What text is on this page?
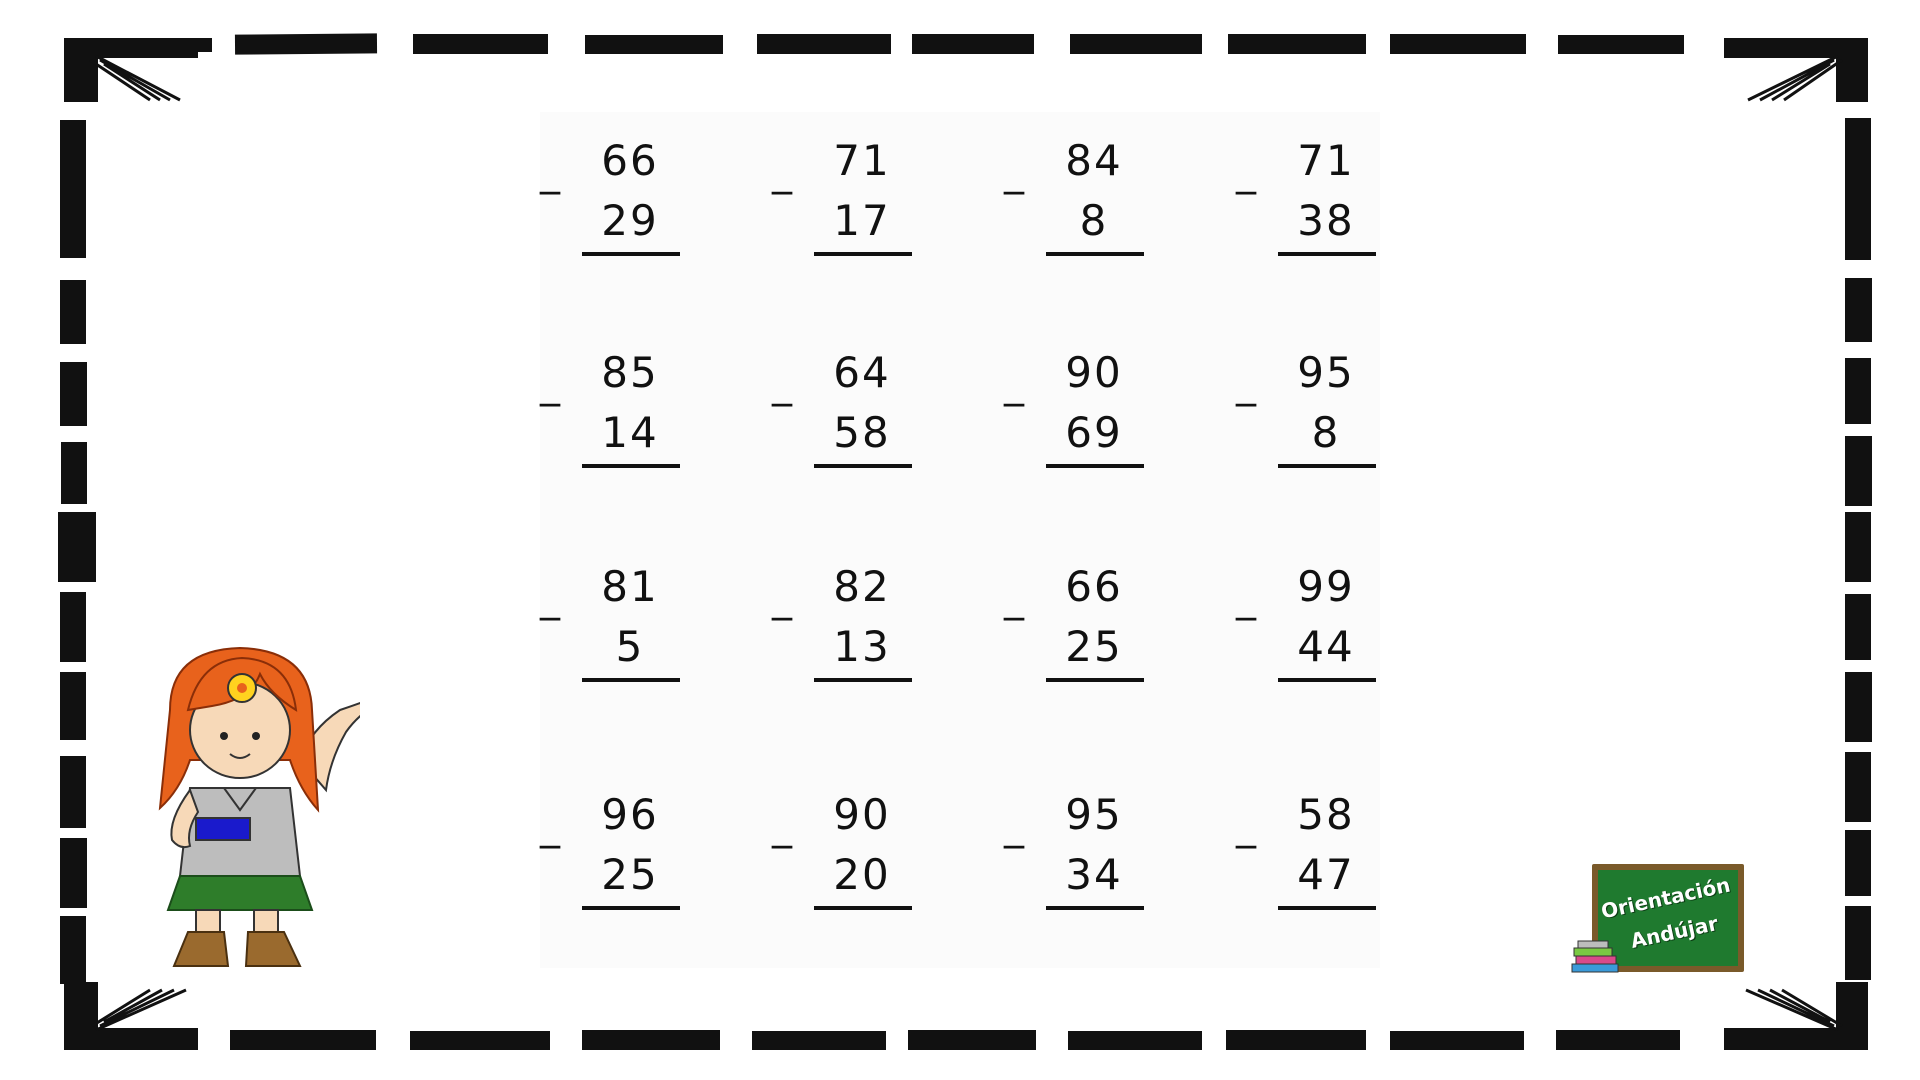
_ 66
29
_ 71
17
_ 84
8
_ 71
38
_ 85
14
_ 64
58
_ 90
69
_ 95
8
_ 81
5
_ 82
13
_ 66
25
_ 99
44
_ 96
25
_ 90
20
_ 95
34
_ 58
47	Orientación
Andújar
